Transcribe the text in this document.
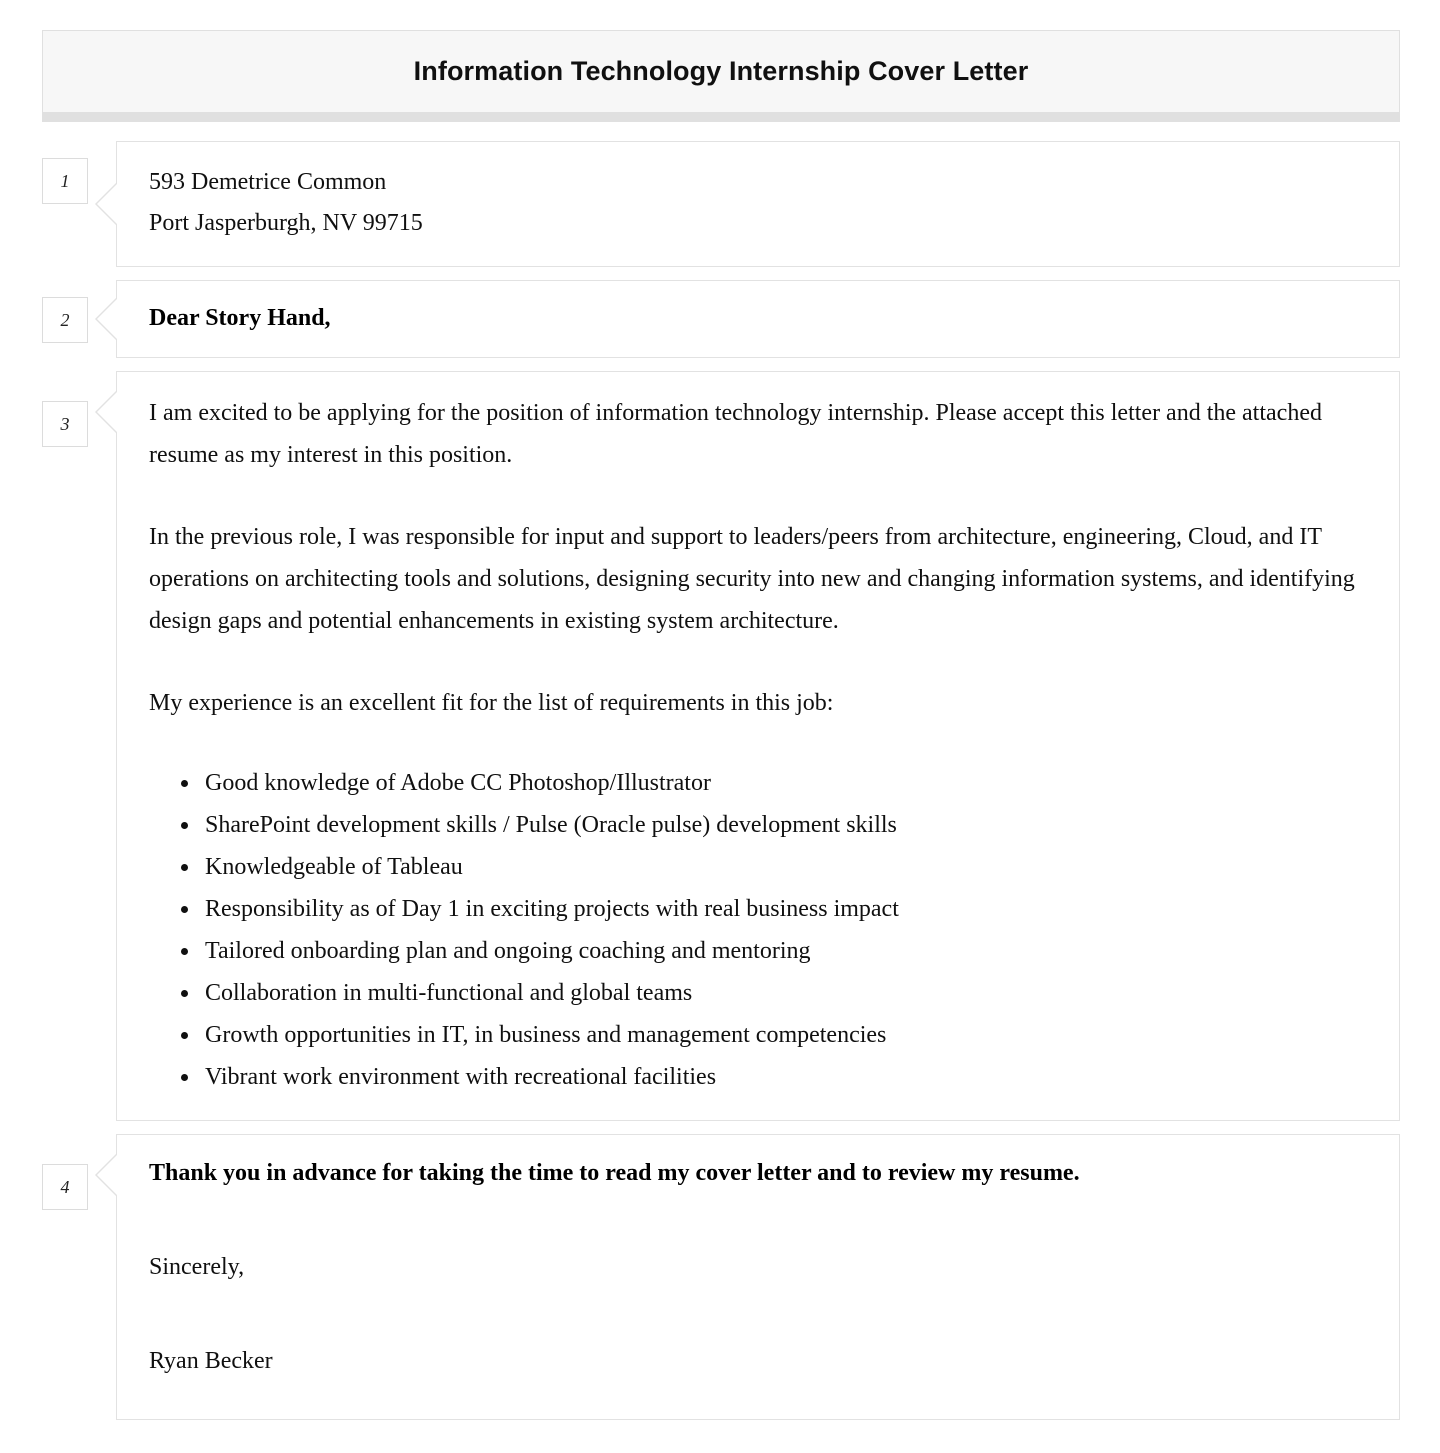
Information Technology Internship Cover Letter
1	593 Demetrice Common
Port Jasperburgh, NV 99715
2	Dear Story Hand,
3	I am excited to be applying for the position of information technology internship. Please accept this letter and the attached resume as my interest in this position.

In the previous role, I was responsible for input and support to leaders/peers from architecture, engineering, Cloud, and IT operations on architecting tools and solutions, designing security into new and changing information systems, and identifying design gaps and potential enhancements in existing system architecture.

My experience is an excellent fit for the list of requirements in this job:

• Good knowledge of Adobe CC Photoshop/Illustrator
• SharePoint development skills / Pulse (Oracle pulse) development skills
• Knowledgeable of Tableau
• Responsibility as of Day 1 in exciting projects with real business impact
• Tailored onboarding plan and ongoing coaching and mentoring
• Collaboration in multi-functional and global teams
• Growth opportunities in IT, in business and management competencies
• Vibrant work environment with recreational facilities
4

Thank you in advance for taking the time to read my cover letter and to review my resume.

Sincerely,

Ryan Becker
